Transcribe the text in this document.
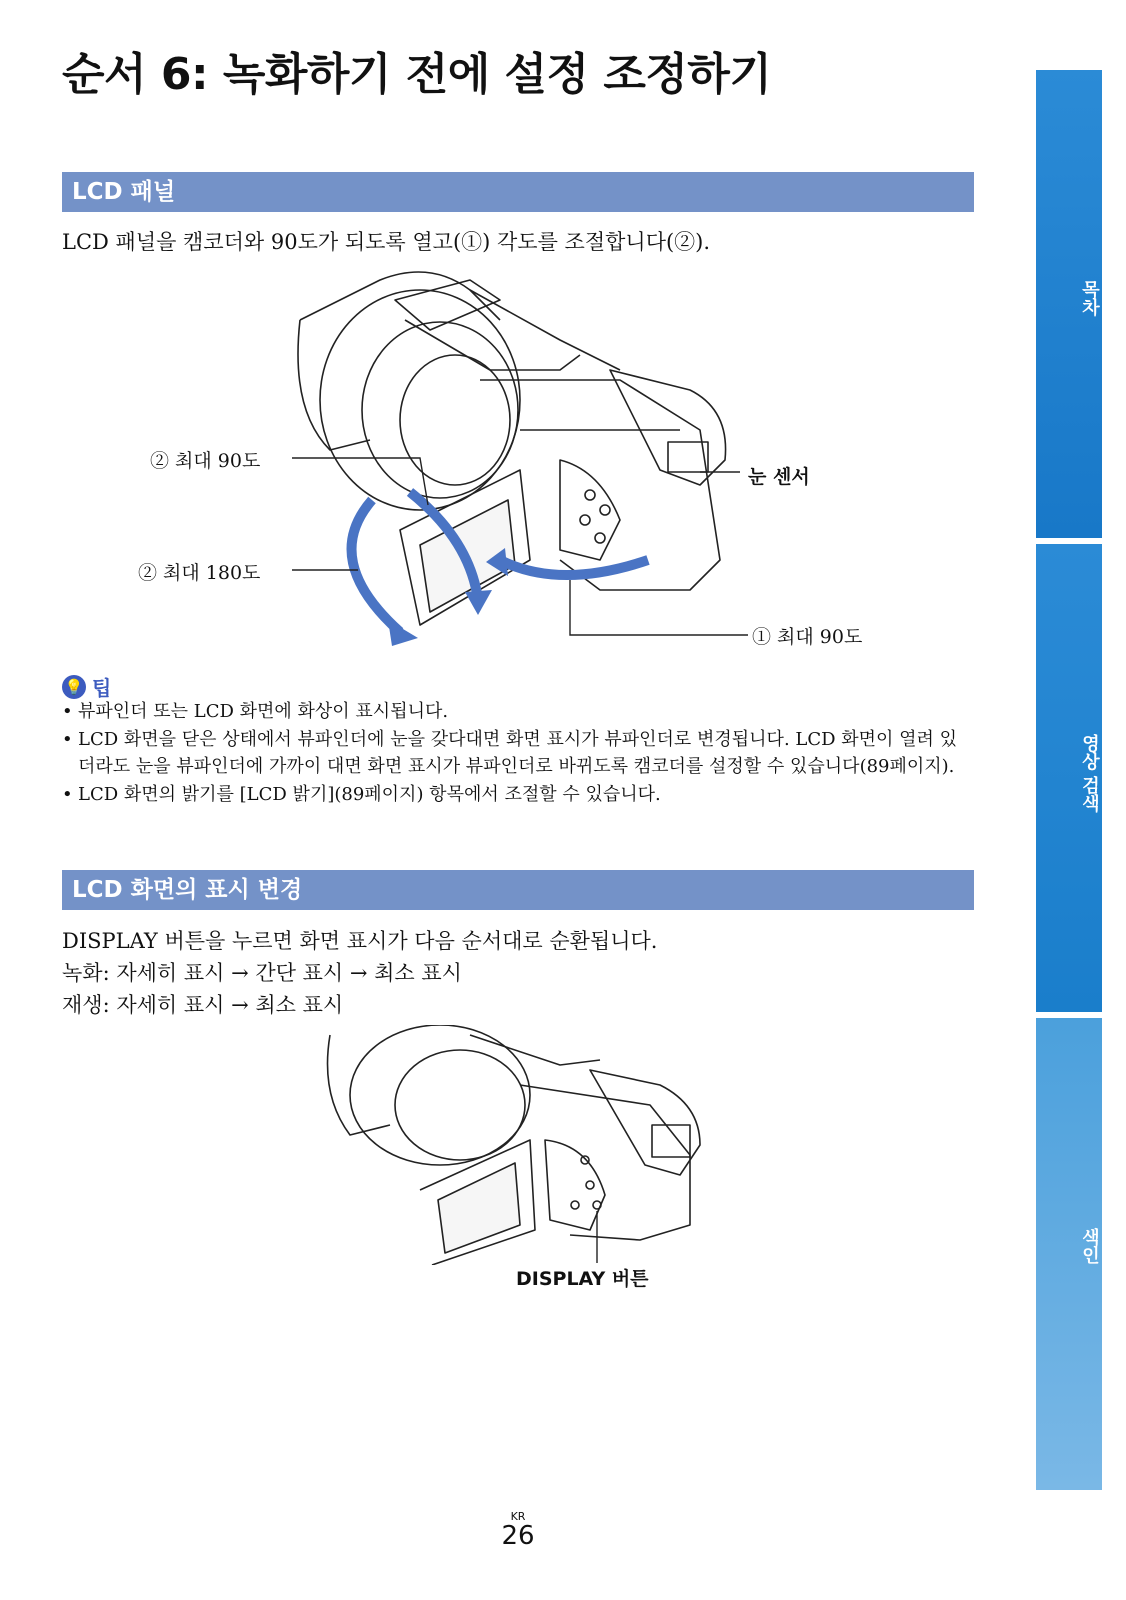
순서 6: 녹화하기 전에 설정 조정하기
LCD 패널

LCD 패널을 캠코더와 90도가 되도록 열고(①) 각도를 조절합니다(②).

② 최대 90도
② 최대 180도
눈 센서
① 최대 90도
💡 팁
• 뷰파인더 또는 LCD 화면에 화상이 표시됩니다.
• LCD 화면을 닫은 상태에서 뷰파인더에 눈을 갖다대면 화면 표시가 뷰파인더로 변경됩니다. LCD 화면이 열려 있더라도 눈을 뷰파인더에 가까이 대면 화면 표시가 뷰파인더로 바뀌도록 캠코더를 설정할 수 있습니다(89페이지).
• LCD 화면의 밝기를 [LCD 밝기](89페이지) 항목에서 조절할 수 있습니다.
LCD 화면의 표시 변경

DISPLAY 버튼을 누르면 화면 표시가 다음 순서대로 순환됩니다.

녹화: 자세히 표시 → 간단 표시 → 최소 표시

재생: 자세히 표시 → 최소 표시

DISPLAY 버튼
목차
영상 검색
색인
KR
26
